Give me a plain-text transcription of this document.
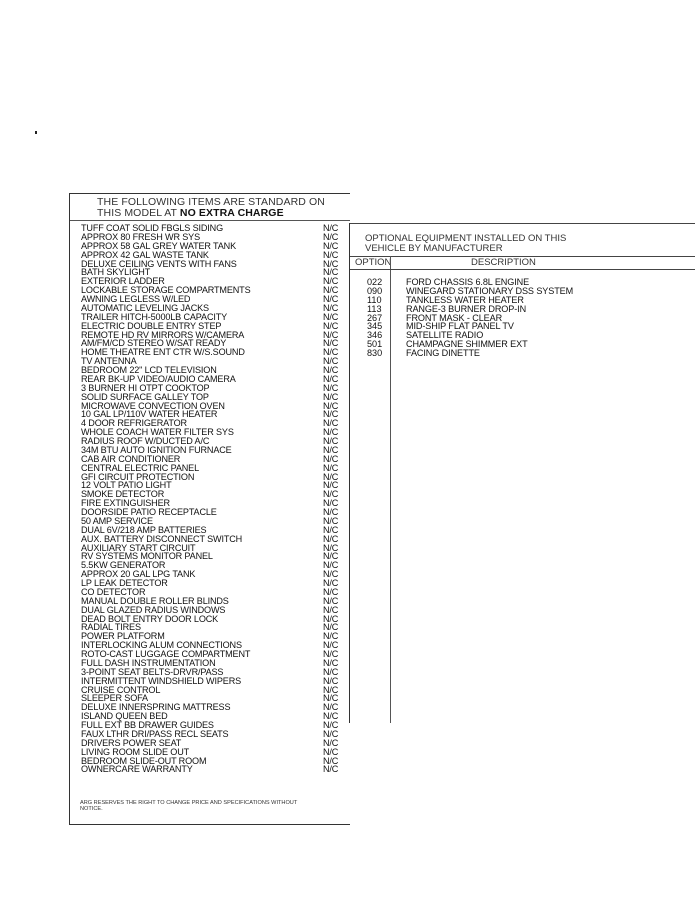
THE FOLLOWING ITEMS ARE STANDARD ON
THIS MODEL AT NO EXTRA CHARGE
TUFF COAT SOLID FBGLS SIDING	N/C
APPROX 80 FRESH WR SYS	N/C
APPROX 58 GAL GREY WATER TANK	N/C
APPROX 42 GAL WASTE TANK	N/C
DELUXE CEILING VENTS WITH FANS	N/C
BATH SKYLIGHT	N/C
EXTERIOR LADDER	N/C
LOCKABLE STORAGE COMPARTMENTS	N/C
AWNING LEGLESS W/LED	N/C
AUTOMATIC LEVELING JACKS	N/C
TRAILER HITCH-5000LB CAPACITY	N/C
ELECTRIC DOUBLE ENTRY STEP	N/C
REMOTE HD RV MIRRORS W/CAMERA	N/C
AM/FM/CD STEREO W/SAT READY	N/C
HOME THEATRE ENT CTR W/S.SOUND	N/C
TV ANTENNA	N/C
BEDROOM 22" LCD TELEVISION	N/C
REAR BK-UP VIDEO/AUDIO CAMERA	N/C
3 BURNER HI OTPT COOKTOP	N/C
SOLID SURFACE GALLEY TOP	N/C
MICROWAVE CONVECTION OVEN	N/C
10 GAL LP/110V WATER HEATER	N/C
4 DOOR REFRIGERATOR	N/C
WHOLE COACH WATER FILTER SYS	N/C
RADIUS ROOF W/DUCTED A/C	N/C
34M BTU AUTO IGNITION FURNACE	N/C
CAB AIR CONDITIONER	N/C
CENTRAL ELECTRIC PANEL	N/C
GFI CIRCUIT PROTECTION	N/C
12 VOLT PATIO LIGHT	N/C
SMOKE DETECTOR	N/C
FIRE EXTINGUISHER	N/C
DOORSIDE PATIO RECEPTACLE	N/C
50 AMP SERVICE	N/C
DUAL 6V/218 AMP BATTERIES	N/C
AUX. BATTERY DISCONNECT SWITCH	N/C
AUXILIARY START CIRCUIT	N/C
RV SYSTEMS MONITOR PANEL	N/C
5.5KW GENERATOR	N/C
APPROX 20 GAL LPG TANK	N/C
LP LEAK DETECTOR	N/C
CO DETECTOR	N/C
MANUAL DOUBLE ROLLER BLINDS	N/C
DUAL GLAZED RADIUS WINDOWS	N/C
DEAD BOLT ENTRY DOOR LOCK	N/C
RADIAL TIRES	N/C
POWER PLATFORM	N/C
INTERLOCKING ALUM CONNECTIONS	N/C
ROTO-CAST LUGGAGE COMPARTMENT	N/C
FULL DASH INSTRUMENTATION	N/C
3-POINT SEAT BELTS-DRVR/PASS	N/C
INTERMITTENT WINDSHIELD WIPERS	N/C
CRUISE CONTROL	N/C
SLEEPER SOFA	N/C
DELUXE INNERSPRING MATTRESS	N/C
ISLAND QUEEN BED	N/C
FULL EXT BB DRAWER GUIDES	N/C
FAUX LTHR DRI/PASS RECL SEATS	N/C
DRIVERS POWER SEAT	N/C
LIVING ROOM SLIDE OUT	N/C
BEDROOM SLIDE-OUT ROOM	N/C
OWNERCARE WARRANTY	N/C
ARG RESERVES THE RIGHT TO CHANGE PRICE AND SPECIFICATIONS WITHOUT
NOTICE.
OPTIONAL EQUIPMENT INSTALLED ON THIS
VEHICLE BY MANUFACTURER
OPTION	DESCRIPTION
022	FORD CHASSIS 6.8L ENGINE
090	WINEGARD STATIONARY DSS SYSTEM
110	TANKLESS WATER HEATER
113	RANGE-3 BURNER DROP-IN
267	FRONT MASK - CLEAR
345	MID-SHIP FLAT PANEL TV
346	SATELLITE RADIO
501	CHAMPAGNE SHIMMER EXT
830	FACING DINETTE
